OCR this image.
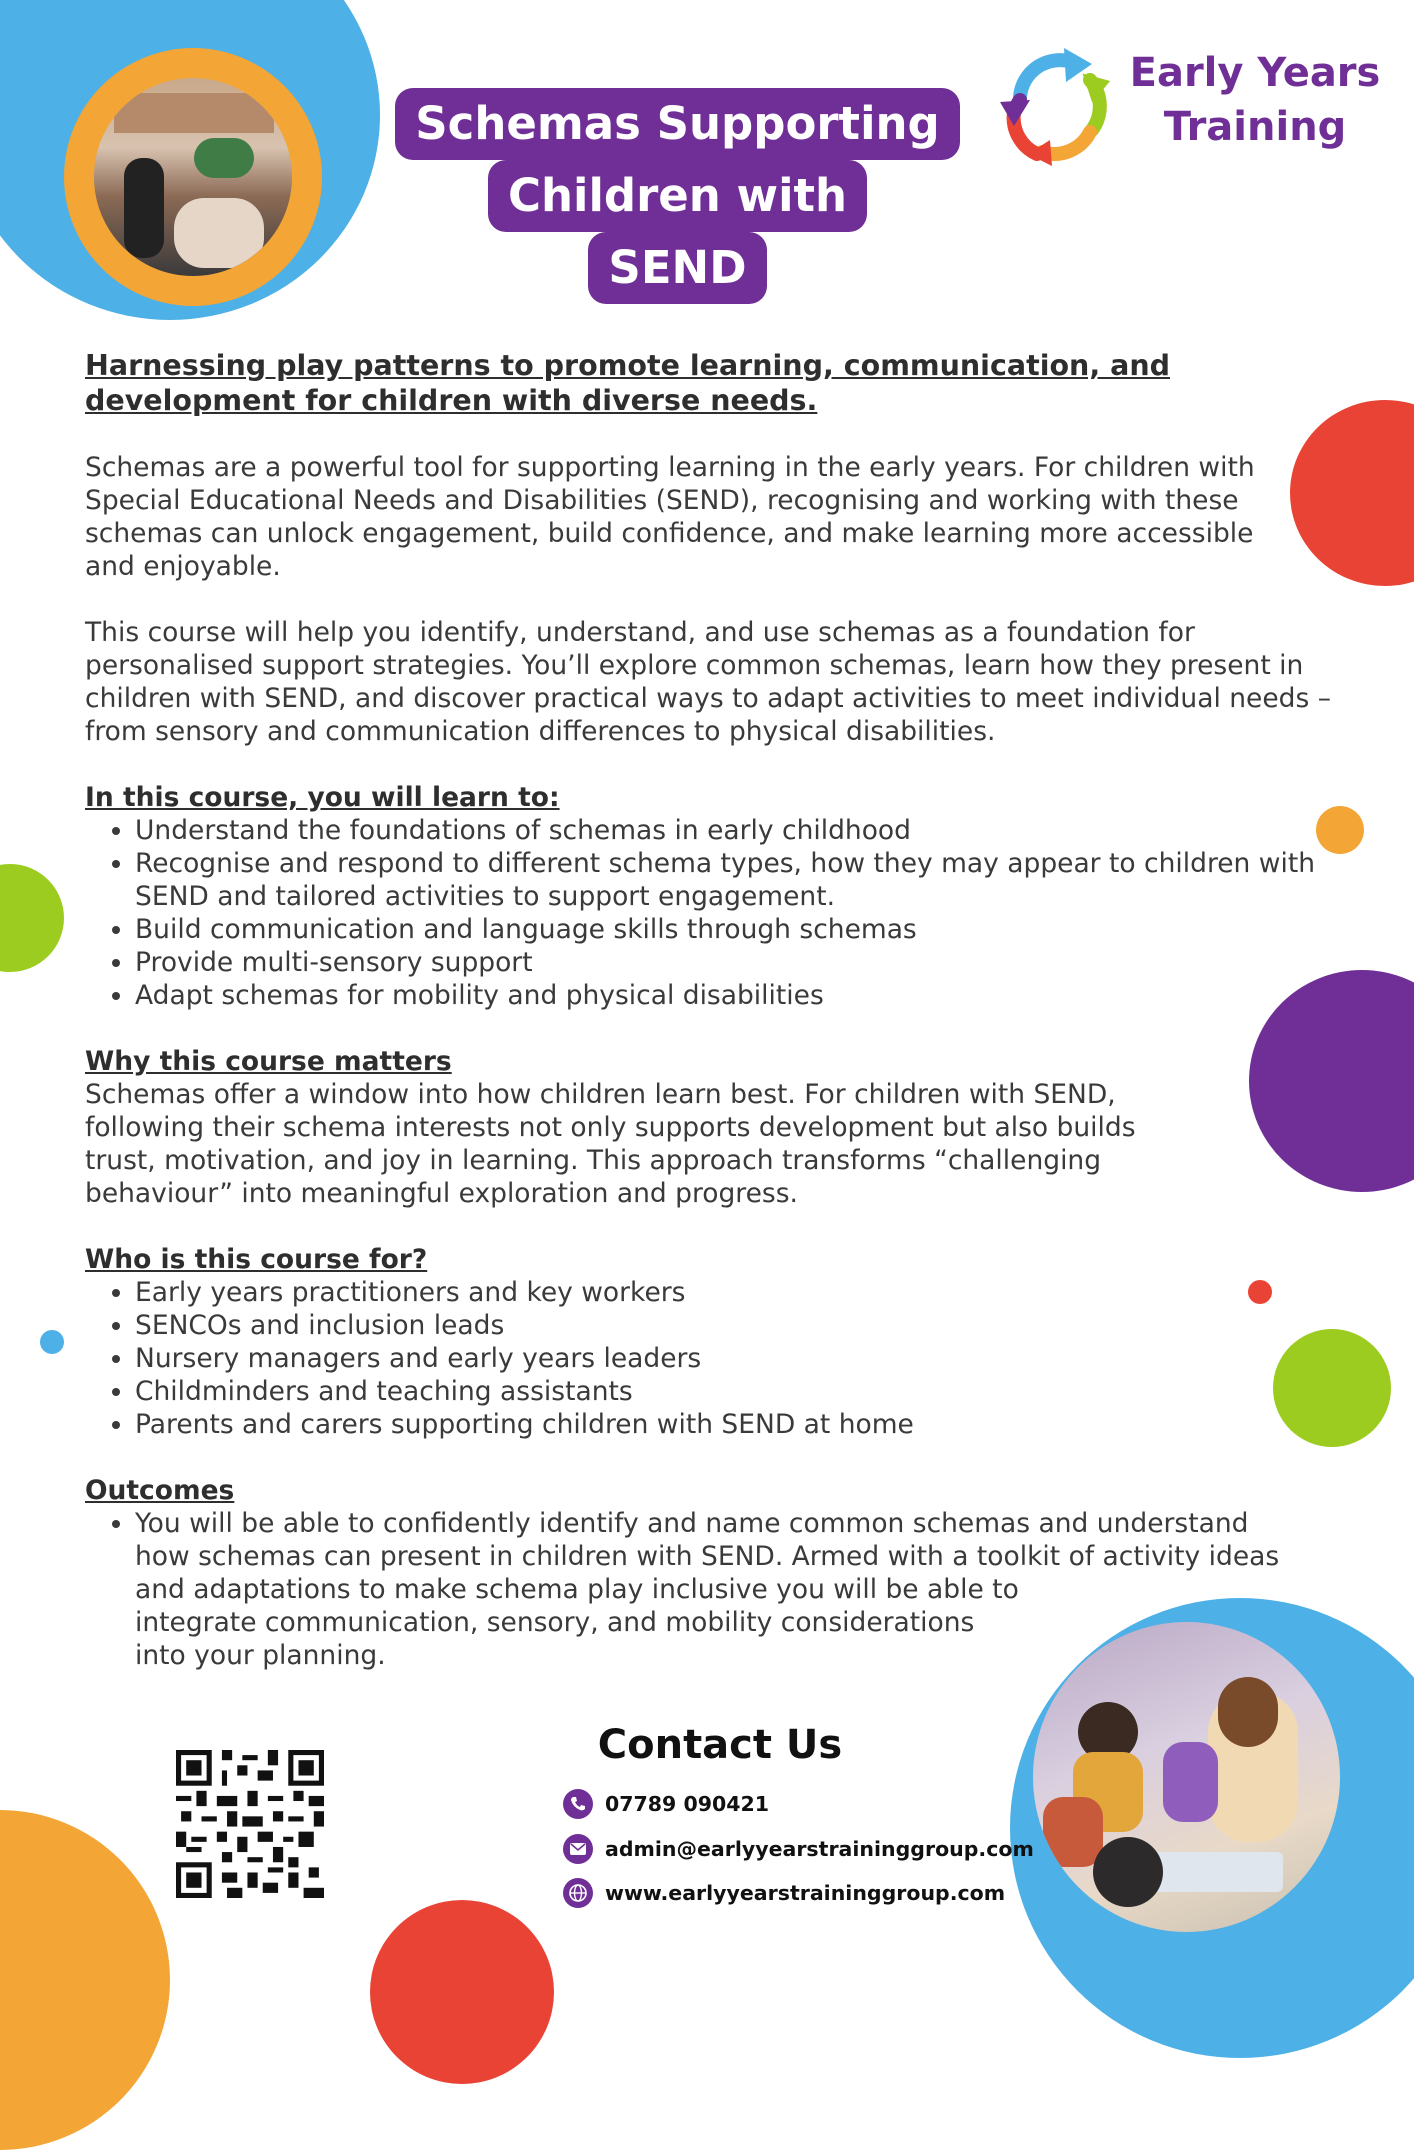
Schemas Supporting
Children with
SEND
Early Years
Training

Harnessing play patterns to promote learning, communication, and development for children with diverse needs.

Schemas are a powerful tool for supporting learning in the early years. For children with Special Educational Needs and Disabilities (SEND), recognising and working with these schemas can unlock engagement, build confidence, and make learning more accessible and enjoyable.

This course will help you identify, understand, and use schemas as a foundation for personalised support strategies. You’ll explore common schemas, learn how they present in children with SEND, and discover practical ways to adapt activities to meet individual needs – from sensory and communication differences to physical disabilities.

In this course, you will learn to:

• Understand the foundations of schemas in early childhood
• Recognise and respond to different schema types, how they may appear to children with SEND and tailored activities to support engagement.
• Build communication and language skills through schemas
• Provide multi-sensory support
• Adapt schemas for mobility and physical disabilities

Why this course matters

Schemas offer a window into how children learn best. For children with SEND, following their schema interests not only supports development but also builds trust, motivation, and joy in learning. This approach transforms “challenging behaviour” into meaningful exploration and progress.

Who is this course for?

• Early years practitioners and key workers
• SENCOs and inclusion leads
• Nursery managers and early years leaders
• Childminders and teaching assistants
• Parents and carers supporting children with SEND at home

Outcomes

• You will be able to confidently identify and name common schemas and understand
how schemas can present in children with SEND. Armed with a toolkit of activity ideas
and adaptations to make schema play inclusive you will be able to
integrate communication, sensory, and mobility considerations
into your planning.
Contact Us
07789 090421
admin@earlyyearstraininggroup.com
www.earlyyearstraininggroup.com
